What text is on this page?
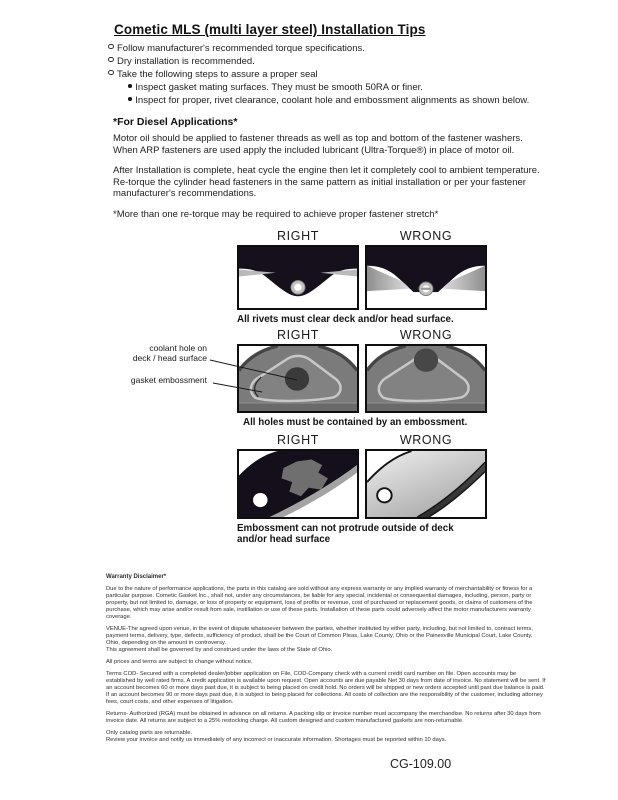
Cometic MLS (multi layer steel) Installation Tips
Follow manufacturer's recommended torque specifications.
Dry installation is recommended.
Take the following steps to assure a proper seal
Inspect gasket mating surfaces. They must be smooth 50RA or finer.
Inspect for proper, rivet clearance, coolant hole and embossment alignments as shown below.
*For Diesel Applications*
Motor oil should be applied to fastener threads as well as top and bottom of the fastener washers. When ARP fasteners are used apply the included lubricant (Ultra-Torque®) in place of motor oil.
After Installation is complete, heat cycle the engine then let it completely cool to ambient temperature. Re-torque the cylinder head fasteners in the same pattern as initial installation or per your fastener manufacturer's recommendations.
*More than one re-torque may be required to achieve proper fastener stretch*
RIGHT	WRONG
All rivets must clear deck and/or head surface.
RIGHT	WRONG
All holes must be contained by an embossment.
coolant hole on
deck / head surface
gasket embossment
RIGHT	WRONG
Embossment can not protrude outside of deck
and/or head surface
Warranty Disclaimer*
Due to the nature of performance applications, the parts in this catalog are sold without any express warranty or any implied warranty of merchantability or fitness for a particular purpose. Cometic Gasket Inc., shall not, under any circumstances, be liable for any special, incidental or consequential damages, including, person, party or property, but not limited to, damage, or loss of property or equipment, loss of profits or revenue, cost of purchased or replacement goods, or claims of customers of the purchase, which may arise and/or result from sale, instillation or use of these parts. Installation of these parts could adversely affect the motor manufacturers warranty coverage.
VENUE-The agreed upon venue, in the event of dispute whatsoever between the parties, whether instituted by either party, including, but not limited to, contract terms, payment terms, delivery, type, defects, sufficiency of product, shall be the Court of Common Pleas, Lake County, Ohio or the Painesville Municipal Court, Lake County, Ohio, depending on the amount in controversy.
This agreement shall be governed by and construed under the laws of the State of Ohio.
All prices and terms are subject to change without notice.
Terms COD- Secured with a completed dealer/jobber application on File, COD-Company check with a current credit card number on file. Open accounts may be established by well rated firms. A credit application is available upon request. Open accounts are due payable Net 30 days from date of invoice. No statement will be sent. If an account becomes 60 or more days past due, it is subject to being placed on credit hold. No orders will be shipped or new orders accepted until past due balance is paid. If an account becomes 90 or more days past due, it is subject to being placed for collections. All costs of collection are the responsibility of the customer, including attorney fees, court costs, and other expenses of litigation.
Returns- Authorized (RGA) must be obtained in advance on all returns. A packing slip or invoice number must accompany the merchandise. No returns after 30 days from invoice date. All returns are subject to a 25% restocking charge. All custom designed and custom manufactured gaskets are non-returnable.
Only catalog parts are returnable.
Review your invoice and notify us immediately of any incorrect or inaccurate information. Shortages must be reported within 10 days.
CG-109.00
